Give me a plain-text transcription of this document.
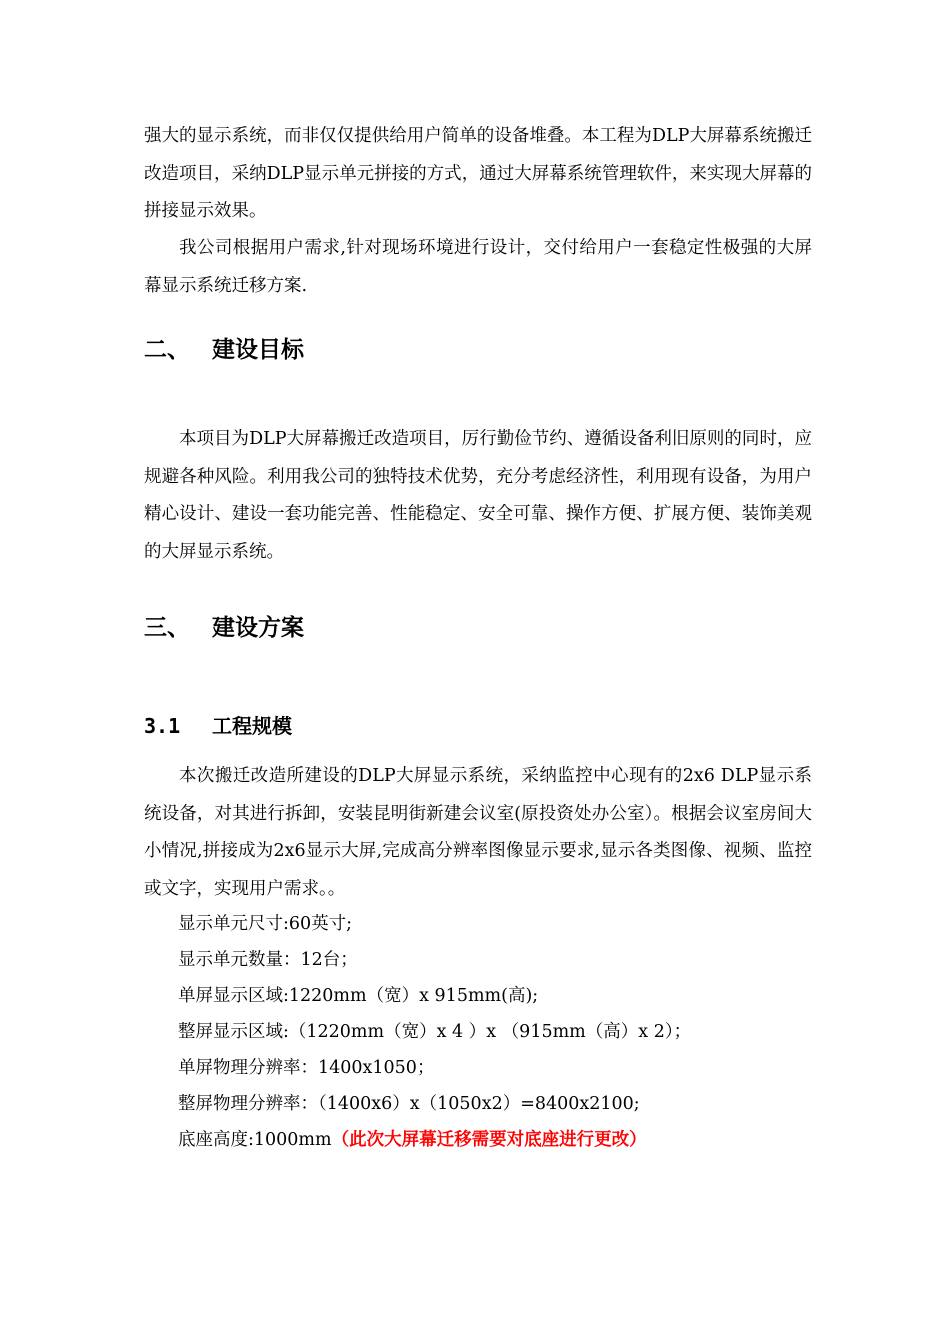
强大的显示系统，而非仅仅提供给用户简单的设备堆叠。本工程为DLP大屏幕系统搬迁改造项目，采纳DLP显示单元拼接的方式，通过大屏幕系统管理软件，来实现大屏幕的拼接显示效果。

我公司根据用户需求,针对现场环境进行设计，交付给用户一套稳定性极强的大屏幕显示系统迁移方案.

二、 建设目标

本项目为DLP大屏幕搬迁改造项目，厉行勤俭节约、遵循设备利旧原则的同时，应规避各种风险。利用我公司的独特技术优势，充分考虑经济性，利用现有设备，为用户精心设计、建设一套功能完善、性能稳定、安全可靠、操作方便、扩展方便、装饰美观的大屏显示系统。

三、 建设方案
3.1 工程规模

本次搬迁改造所建设的DLP大屏显示系统，采纳监控中心现有的2x6 DLP显示系统设备，对其进行拆卸，安装昆明街新建会议室(原投资处办公室）。根据会议室房间大小情况,拼接成为2x6显示大屏,完成高分辨率图像显示要求,显示各类图像、视频、监控或文字，实现用户需求。。

显示单元尺寸:60英寸;

显示单元数量：12台；

单屏显示区域:1220mm（宽）x 915mm(高);

整屏显示区域:（1220mm（宽）x 4 ）x （915mm（高）x 2）；

单屏物理分辨率：1400x1050；

整屏物理分辨率：（1400x6）x（1050x2）=8400x2100;

底座高度:1000mm（此次大屏幕迁移需要对底座进行更改）
